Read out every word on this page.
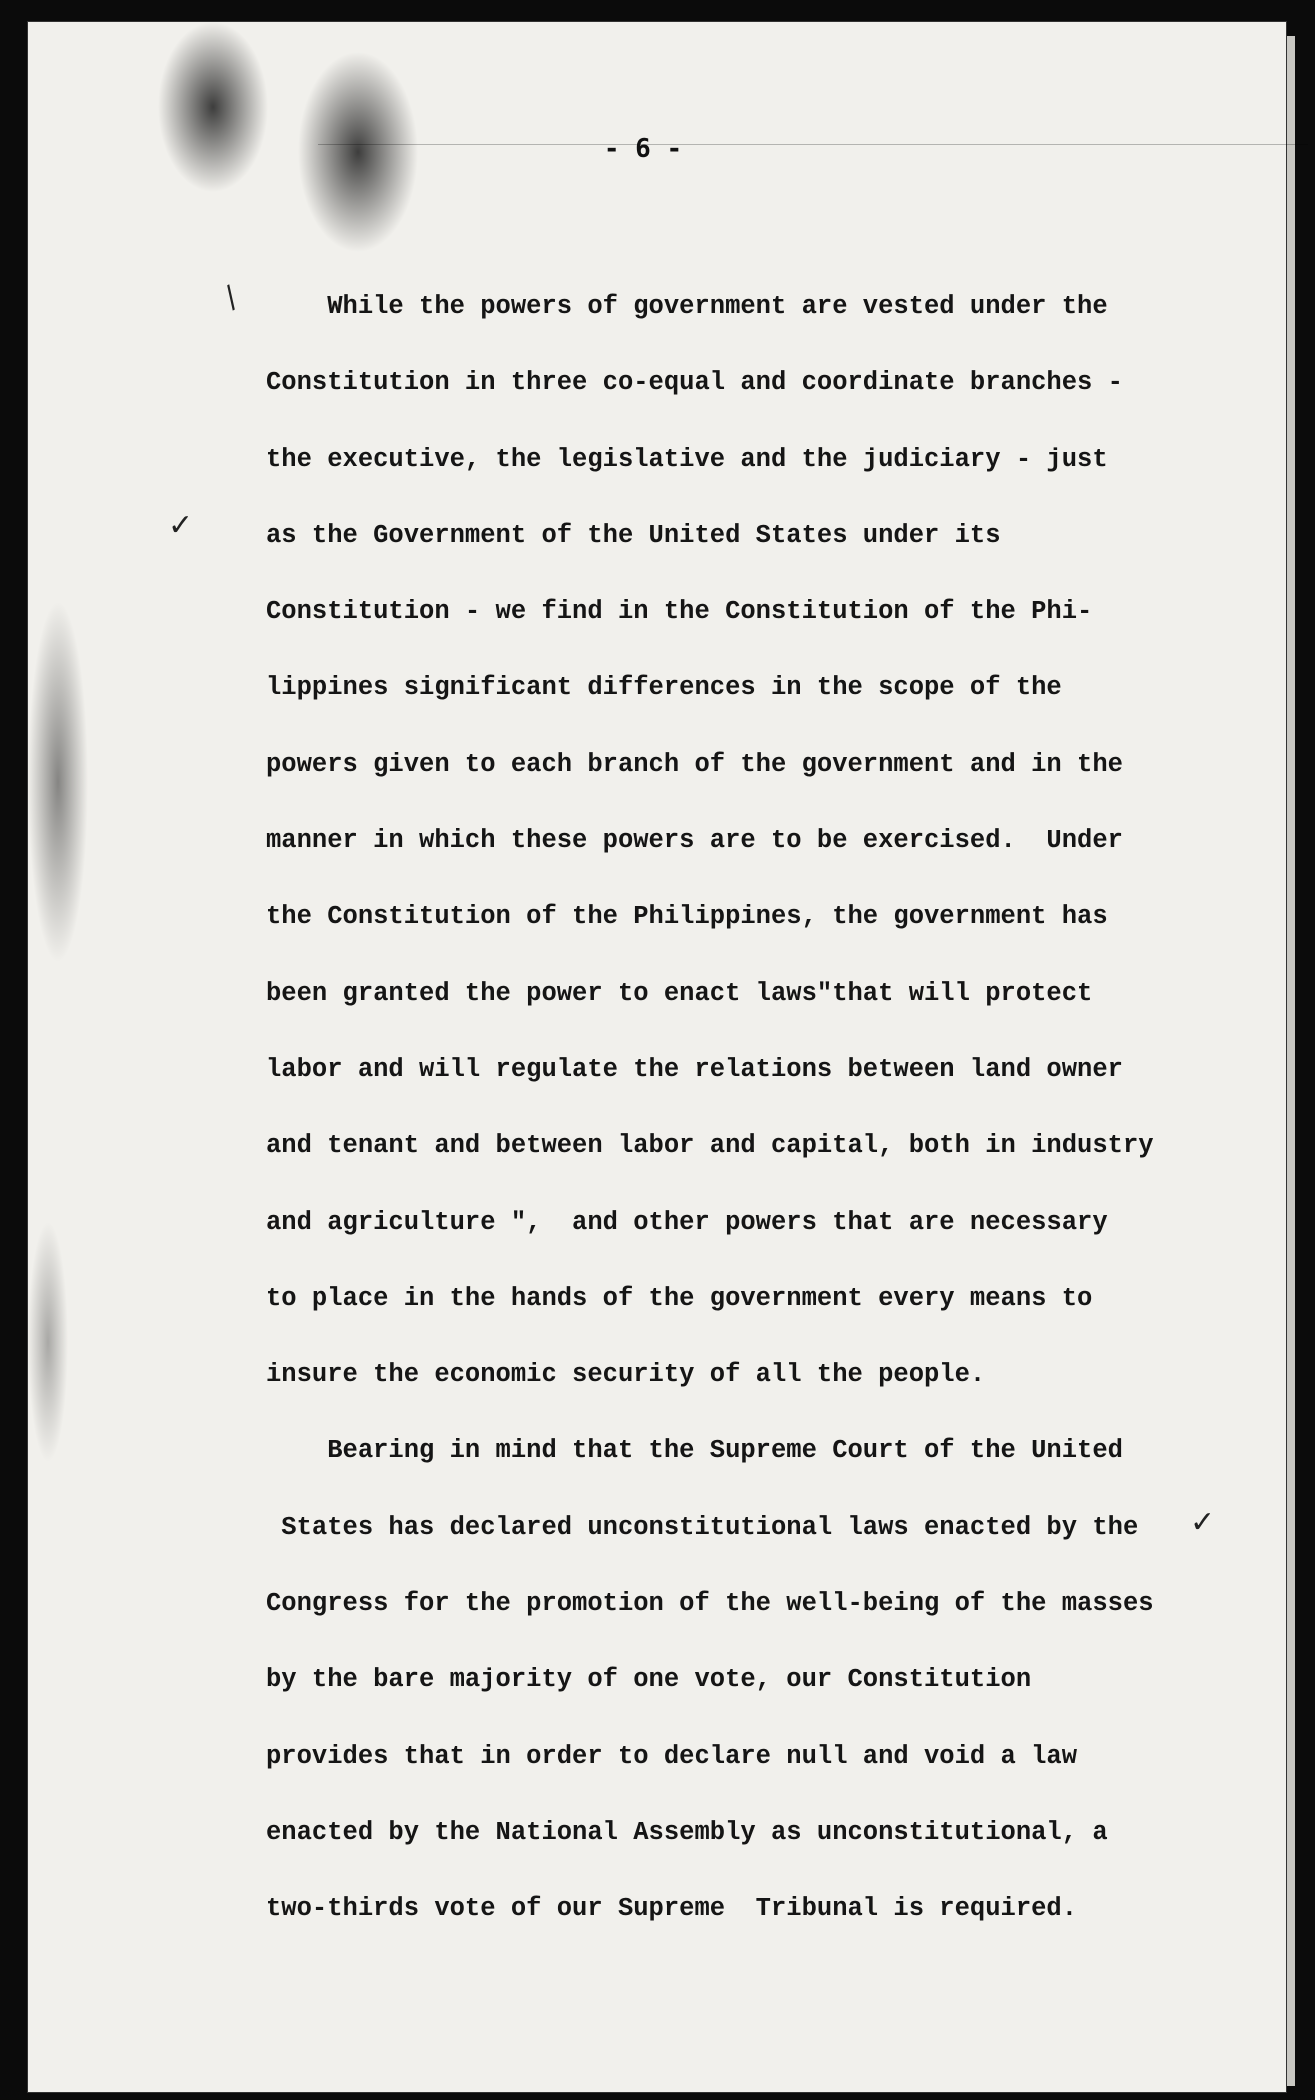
- 6 -
/
✓
✓
While the powers of government are vested under the
Constitution in three co-equal and coordinate branches -
the executive, the legislative and the judiciary - just
as the Government of the United States under its
Constitution - we find in the Constitution of the Phi-
lippines significant differences in the scope of the
powers given to each branch of the government and in the
manner in which these powers are to be exercised.  Under
the Constitution of the Philippines, the government has
been granted the power to enact laws"that will protect
labor and will regulate the relations between land owner
and tenant and between labor and capital, both in industry
and agriculture ",  and other powers that are necessary
to place in the hands of the government every means to
insure the economic security of all the people.
Bearing in mind that the Supreme Court of the United
States has declared unconstitutional laws enacted by the
Congress for the promotion of the well-being of the masses
by the bare majority of one vote, our Constitution
provides that in order to declare null and void a law
enacted by the National Assembly as unconstitutional, a
two-thirds vote of our Supreme  Tribunal is required.
